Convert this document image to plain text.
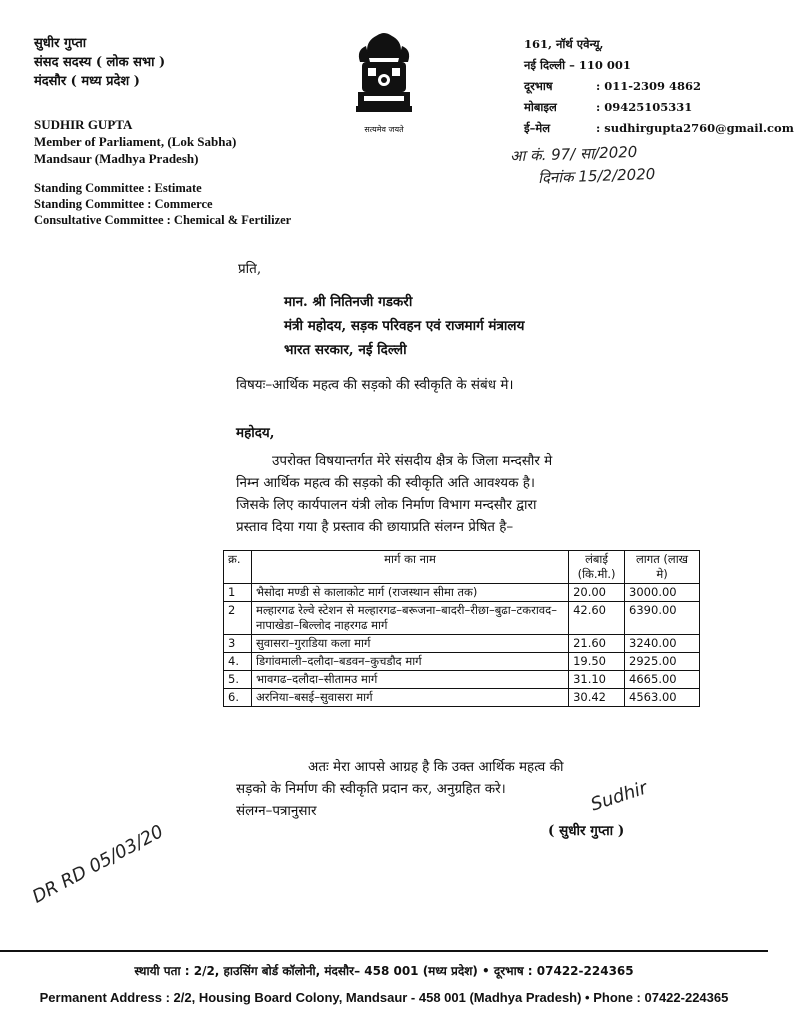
सुधीर गुप्ता
संसद सदस्य ( लोक सभा )
मंदसौर ( मध्य प्रदेश )
SUDHIR GUPTA
Member of Parliament, (Lok Sabha)
Mandsaur (Madhya Pradesh)
Standing Committee : Estimate
Standing Committee : Commerce
Consultative Committee : Chemical & Fertilizer
सत्यमेव जयते
161, नॉर्थ एवेन्यू,
नई दिल्ली – 110 001
दूरभाष	: 011-2309 4862
मोबाइल	: 09425105331
ई–मेल	: sudhirgupta2760@gmail.com
आ कं. 97/ सा/2020
दिनांक 15/2/2020
प्रति,
मान. श्री नितिनजी गडकरी
मंत्री महोदय, सड़क परिवहन एवं राजमार्ग मंत्रालय
भारत सरकार, नई दिल्ली
विषयः–आर्थिक महत्व की सड़को की स्वीकृति के संबंध मे।
महोदय,
उपरोक्त विषयान्तर्गत मेरे संसदीय क्षैत्र के जिला मन्दसौर मे
निम्न आर्थिक महत्व की सड़को की स्वीकृति अति आवश्यक है।
जिसके लिए कार्यपालन यंत्री लोक निर्माण विभाग मन्दसौर द्वारा
प्रस्ताव दिया गया है प्रस्ताव की छायाप्रति संलग्न प्रेषित है–
क्र.	मार्ग का नाम	लंबाई (कि.मी.)	लागत (लाख मे)
1	भैसोदा मण्डी से कालाकोट मार्ग (राजस्थान सीमा तक)	20.00	3000.00
2	मल्हारगढ रेल्वे स्टेशन से मल्हारगढ–बरूजना–बादरी–रीछा–बुढा–टकरावद–नापाखेडा–बिल्लोद नाहरगढ मार्ग	42.60	6390.00
3	सुवासरा–गुराडिया कला मार्ग	21.60	3240.00
4.	डिगांवमाली–दलौदा–बडवन–कुचडौद मार्ग	19.50	2925.00
5.	भावगढ–दलौदा–सीतामउ मार्ग	31.10	4665.00
6.	अरनिया–बसई–सुवासरा मार्ग	30.42	4563.00
अतः मेरा आपसे आग्रह है कि उक्त आर्थिक महत्व की
सड़को के निर्माण की स्वीकृति प्रदान कर, अनुग्रहित करे।
संलग्न–पत्रानुसार	Sudhir
( सुधीर गुप्ता )
DR RD 05/03/20
स्थायी पता : 2/2, हाउसिंग बोर्ड कॉलोनी, मंदसौर– 458 001 (मध्य प्रदेश) • दूरभाष : 07422-224365
Permanent Address : 2/2, Housing Board Colony, Mandsaur - 458 001 (Madhya Pradesh) • Phone : 07422-224365
